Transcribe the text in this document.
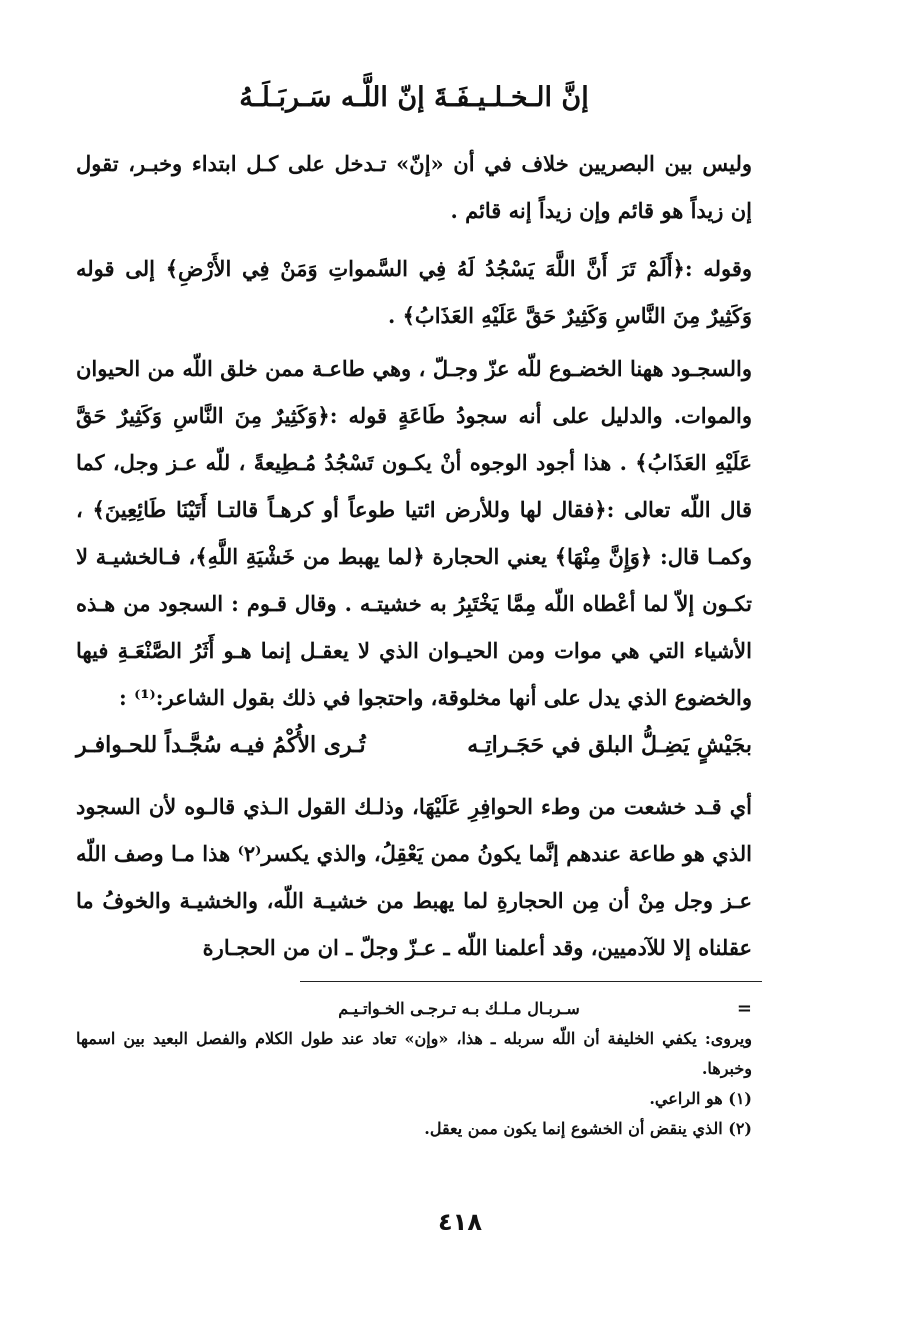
إنَّ الـخـلـيـفَـةَ إنّ اللَّـه سَـربَـلَـهُ
وليس بين البصريين خلاف في أن «إنّ» تـدخل على كـل ابتداء وخبـر، تقول إن زيداً هو قائم وإن زيداً إنه قائم .
وقوله :﴿أَلَمْ تَرَ أَنَّ اللَّهَ يَسْجُدُ لَهُ فِي السَّمواتِ وَمَنْ فِي الأَرْضِ﴾ إلى قوله وَكَثِيرٌ مِنَ النَّاسِ وَكَثِيرٌ حَقَّ عَلَيْهِ العَذَابُ﴾ .
والسجـود ههنا الخضـوع للّه عزّ وجـلّ ، وهي طاعـة ممن خلق اللّه من الحيوان والموات. والدليل على أنه سجودُ طَاعَةٍ قوله :﴿وَكَثِيرٌ مِنَ النَّاسِ وَكَثِيرٌ حَقَّ عَلَيْهِ العَذَابُ﴾ . هذا أجود الوجوه أنْ يكـون تَسْجُدُ مُـطِيعةً ، للّه عـز وجل، كما قال اللّه تعالى :﴿فقال لها وللأرض ائتيا طوعاً أو كرهـاً قالتـا أَتَيْنَا طَائِعِينَ﴾ ، وكمـا قال: ﴿وَإِنَّ مِنْهَا﴾ يعني الحجارة ﴿لما يهبط من خَشْيَةِ اللَّهِ﴾، فـالخشيـة لا تكـون إلاّ لما أعْطاه اللّه مِمَّا يَخْتَبِرُ به خشيتـه . وقال قـوم : السجود من هـذه الأشياء التي هي موات ومن الحيـوان الذي لا يعقـل إنما هـو أَثَرُ الصَّنْعَـةِ فيها والخضوع الذي يدل على أنها مخلوقة، واحتجوا في ذلك بقول الشاعر:⁽¹⁾ :
بجَيْشٍ يَضِـلُّ البلق في حَجَـراتِـه
تُـرى الأُكْمُ فيـه سُجَّـداً للحـوافـر
أي قـد خشعت من وطء الحوافِرِ عَلَيْهَا، وذلـك القول الـذي قالـوه لأن السجود الذي هو طاعة عندهم إنَّما يكونُ ممن يَعْقِلُ، والذي يكسر⁽٢⁾ هذا مـا وصف اللّه عـز وجل مِنْ أن مِن الحجارةِ لما يهبط من خشيـة اللّه، والخشيـة والخوفُ ما عقلناه إلا للآدميين، وقد أعلمنا اللّه ـ عـزّ وجلّ ـ ان من الحجـارة
=
سـربـال مـلـك بـه تـرجـى الخـواتـيـم
ويروى: يكفي الخليفة أن اللّه سربله ـ هذا، «وإن» تعاد عند طول الكلام والفصل البعيد بين اسمها وخبرها.
(١) هو الراعي.
(٢) الذي ينقض أن الخشوع إنما يكون ممن يعقل.
٤١٨
